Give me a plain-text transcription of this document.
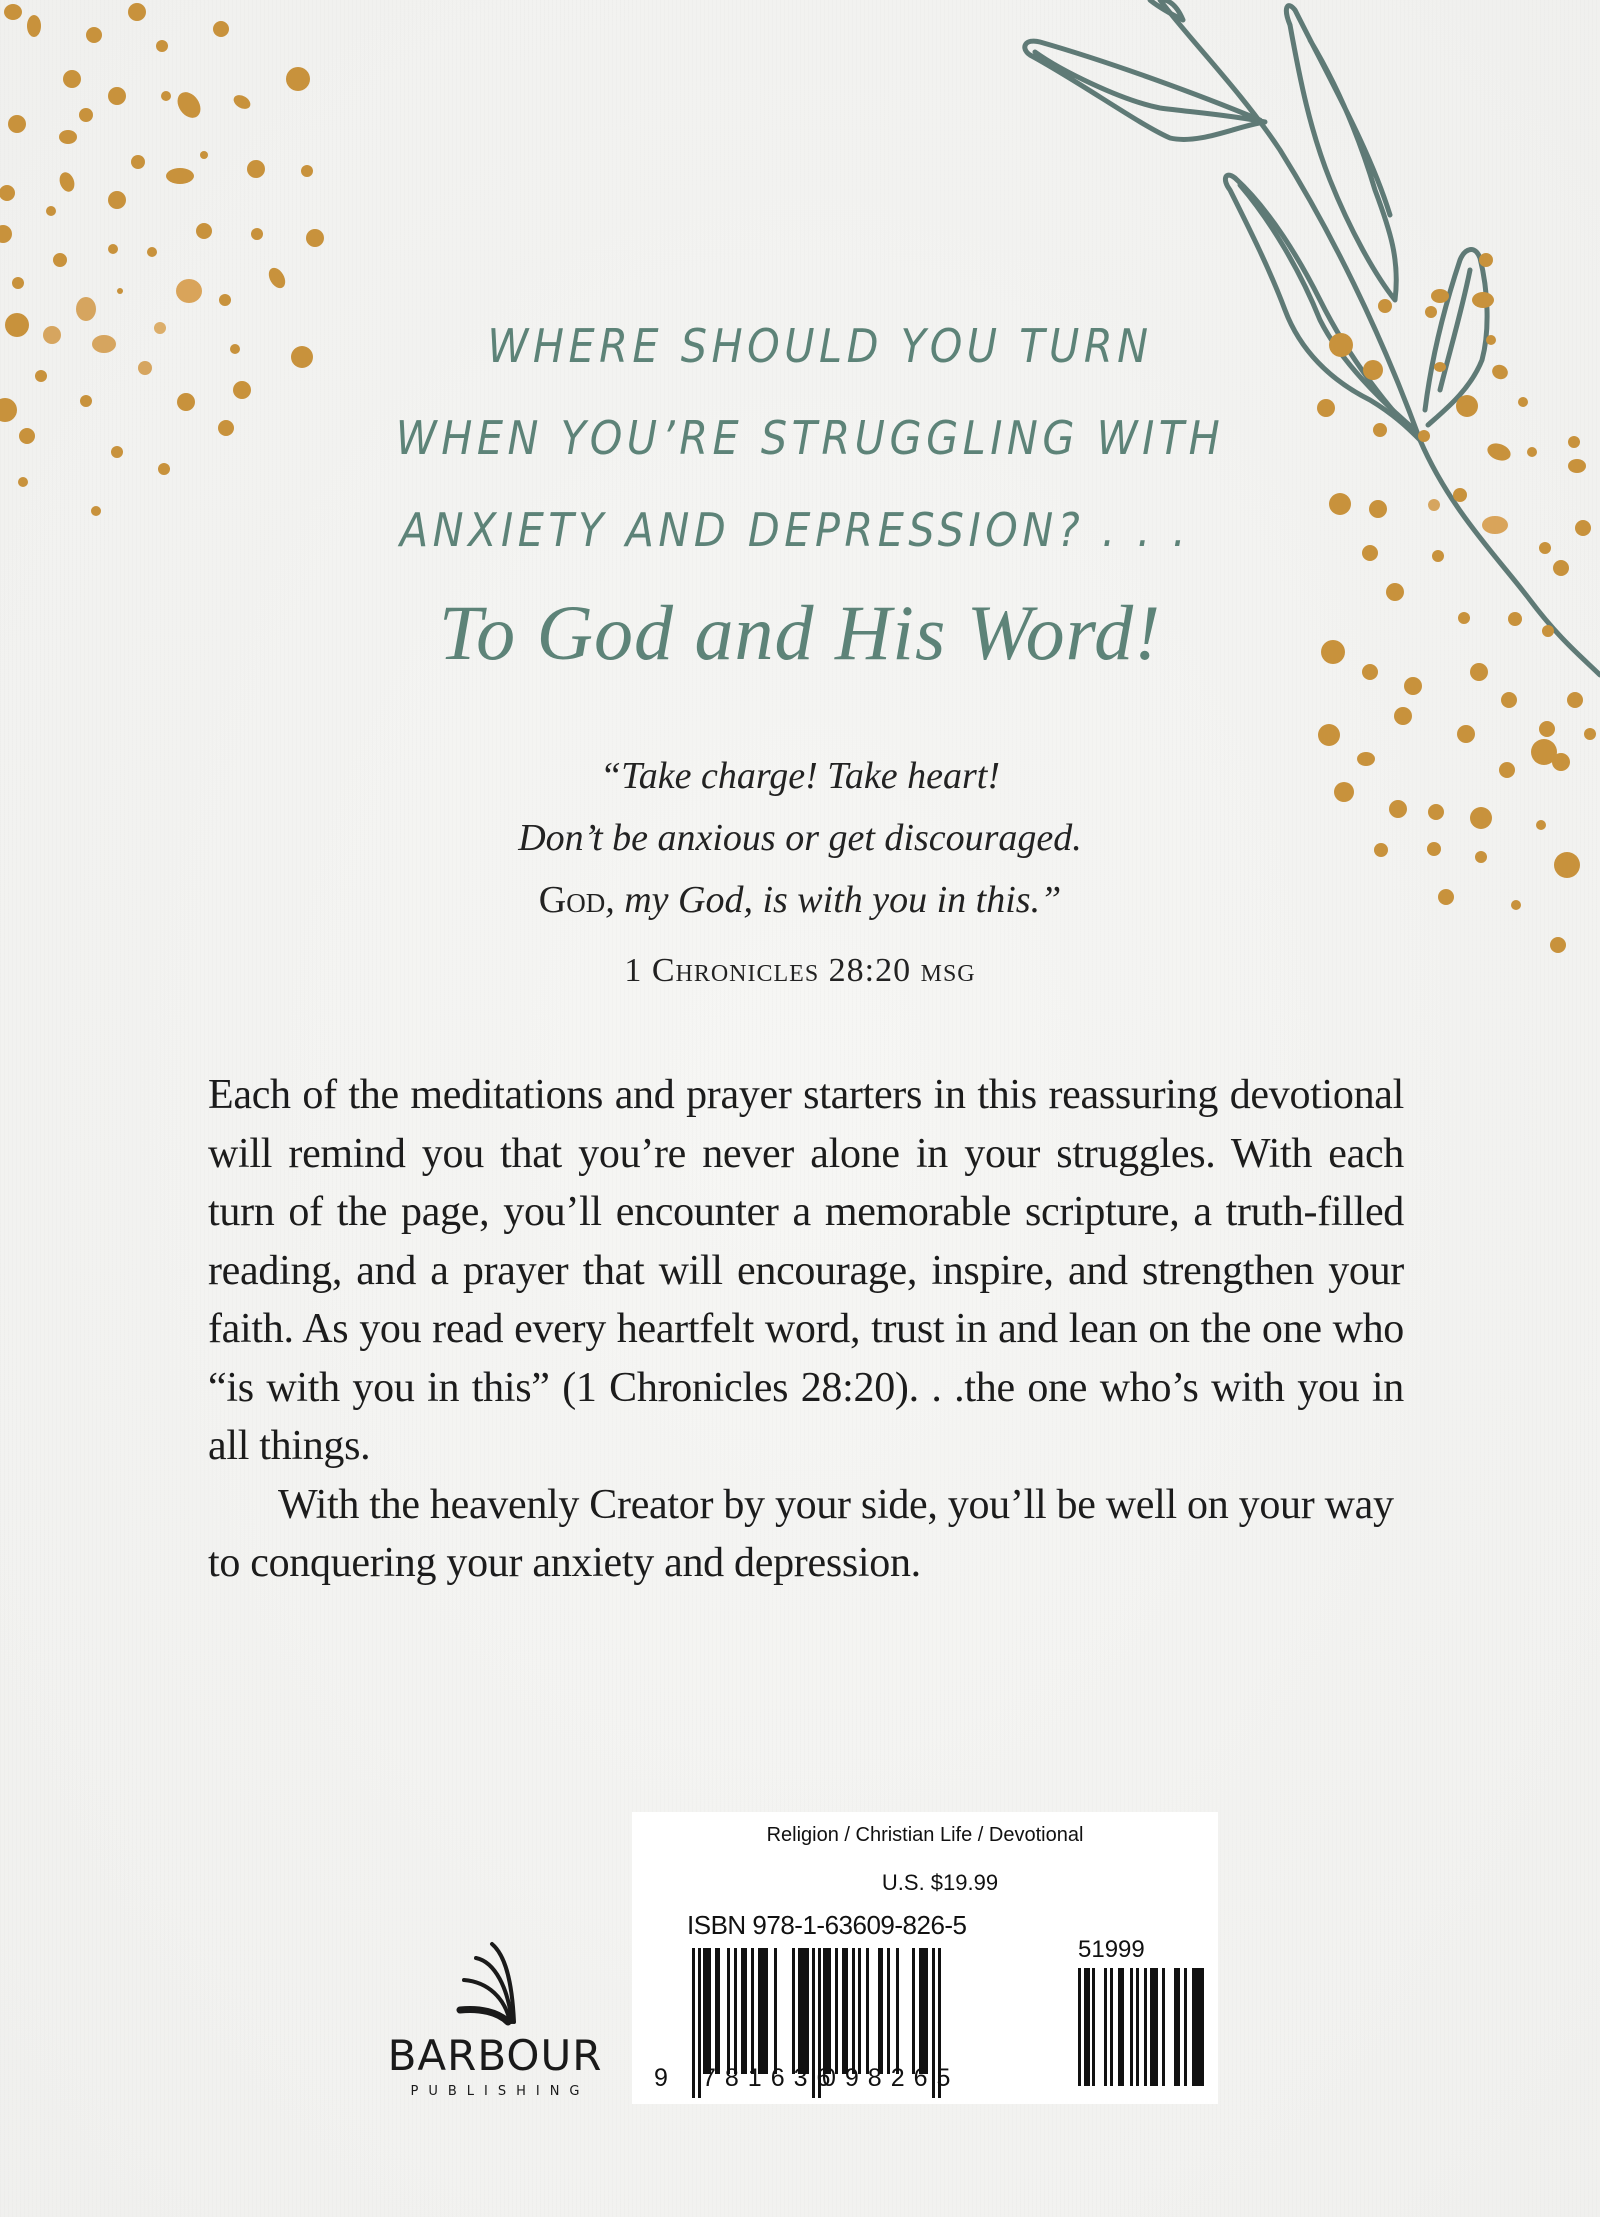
WHERE SHOULD YOU TURN
WHEN YOU’RE STRUGGLING WITH
ANXIETY AND DEPRESSION? . . .
To God and His Word!
“Take charge! Take heart!
Don’t be anxious or get discouraged.
God, my God, is with you in this.”
1 Chronicles 28:20 msg

Each of the meditations and prayer starters in this reassuring devotional will remind you that you’re never alone in your struggles. With each turn of the page, you’ll encounter a memorable scripture, a truth-filled reading, and a prayer that will encourage, inspire, and strengthen your faith. As you read every heartfelt word, trust in and lean on the one who “is with you in this” (1 Chronicles 28:20). . .the one who’s with you in all things.

With the heavenly Creator by your side, you’ll be well on your way to conquering your anxiety and depression.

BARBOUR
PUBLISHING
Religion / Christian Life / Devotional
U.S. $19.99
ISBN 978-1-63609-826-5
9 781636
098265
51999
